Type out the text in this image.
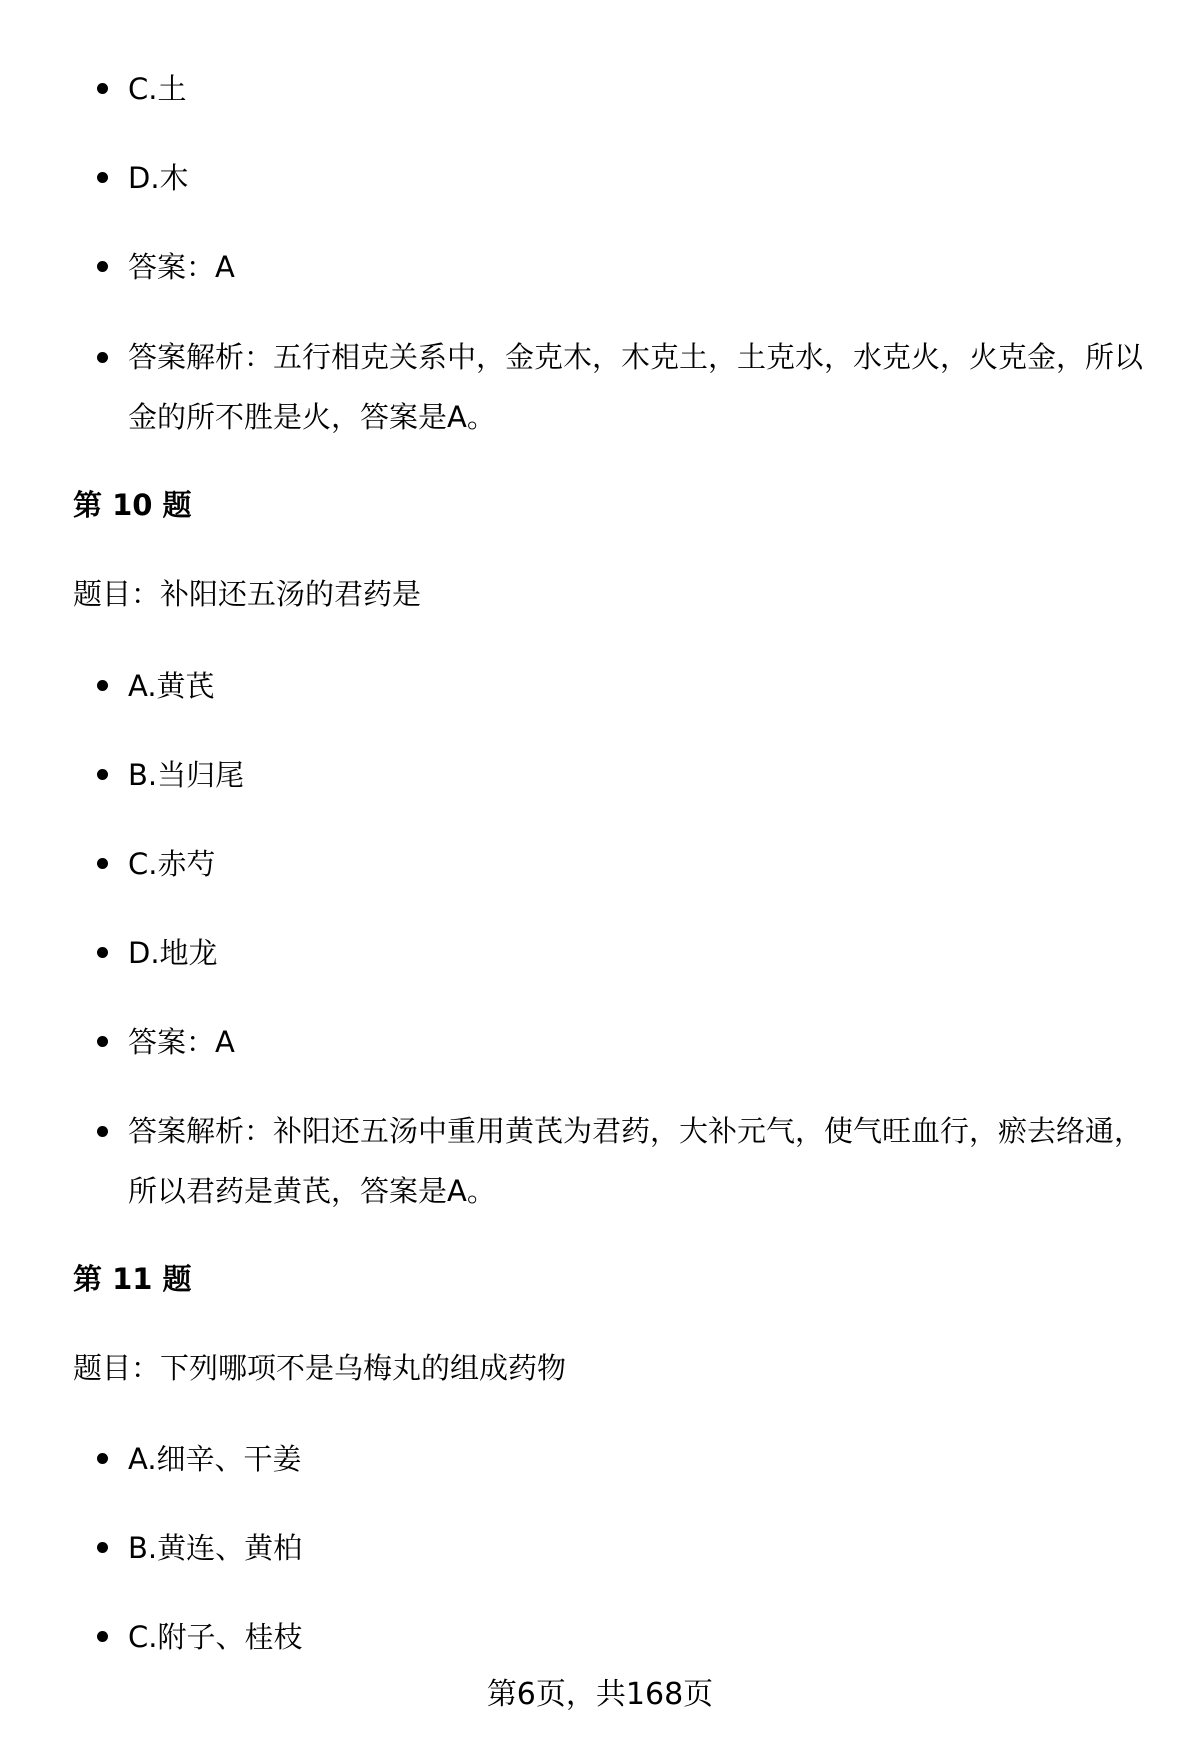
C.土
D.木
答案：A
答案解析：五行相克关系中，金克木，木克土，土克水，水克火，火克金，所以金的所不胜是火，答案是A。
第 10 题
题目：补阳还五汤的君药是
A.黄芪
B.当归尾
C.赤芍
D.地龙
答案：A
答案解析：补阳还五汤中重用黄芪为君药，大补元气，使气旺血行，瘀去络通，所以君药是黄芪，答案是A。
第 11 题
题目：下列哪项不是乌梅丸的组成药物
A.细辛、干姜
B.黄连、黄柏
C.附子、桂枝
第6页，共168页
